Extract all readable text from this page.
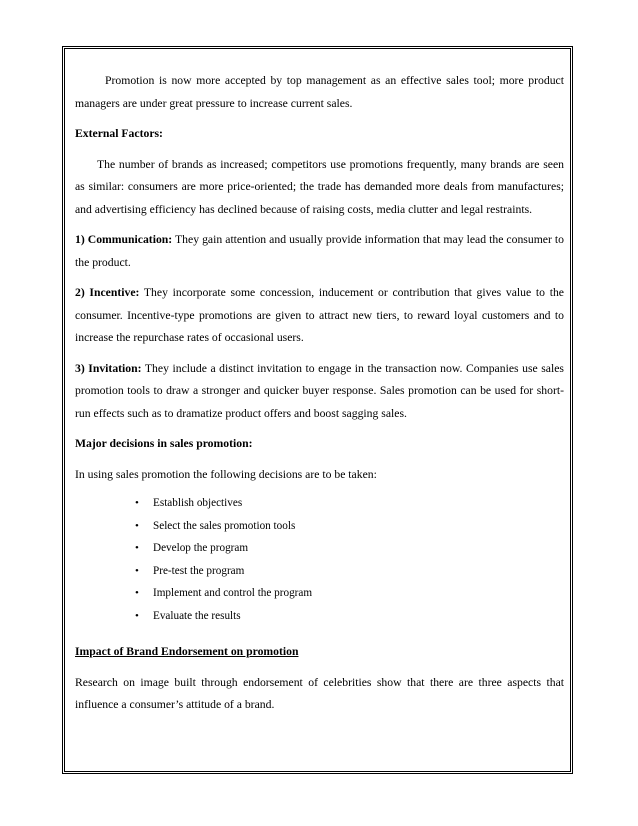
Promotion is now more accepted by top management as an effective sales tool; more product managers are under great pressure to increase current sales.

External Factors:

The number of brands as increased; competitors use promotions frequently, many brands are seen as similar: consumers are more price-oriented; the trade has demanded more deals from manufactures; and advertising efficiency has declined because of raising costs, media clutter and legal restraints.

1) Communication: They gain attention and usually provide information that may lead the consumer to the product.

2) Incentive: They incorporate some concession, inducement or contribution that gives value to the consumer. Incentive-type promotions are given to attract new tiers, to reward loyal customers and to increase the repurchase rates of occasional users.

3) Invitation: They include a distinct invitation to engage in the transaction now. Companies use sales promotion tools to draw a stronger and quicker buyer response. Sales promotion can be used for short- run effects such as to dramatize product offers and boost sagging sales.

Major decisions in sales promotion:

In using sales promotion the following decisions are to be taken:

• Establish objectives
• Select the sales promotion tools
• Develop the program
• Pre-test the program
• Implement and control the program
• Evaluate the results

Impact of Brand Endorsement on promotion

Research on image built through endorsement of celebrities show that there are three aspects that influence a consumer’s attitude of a brand.
